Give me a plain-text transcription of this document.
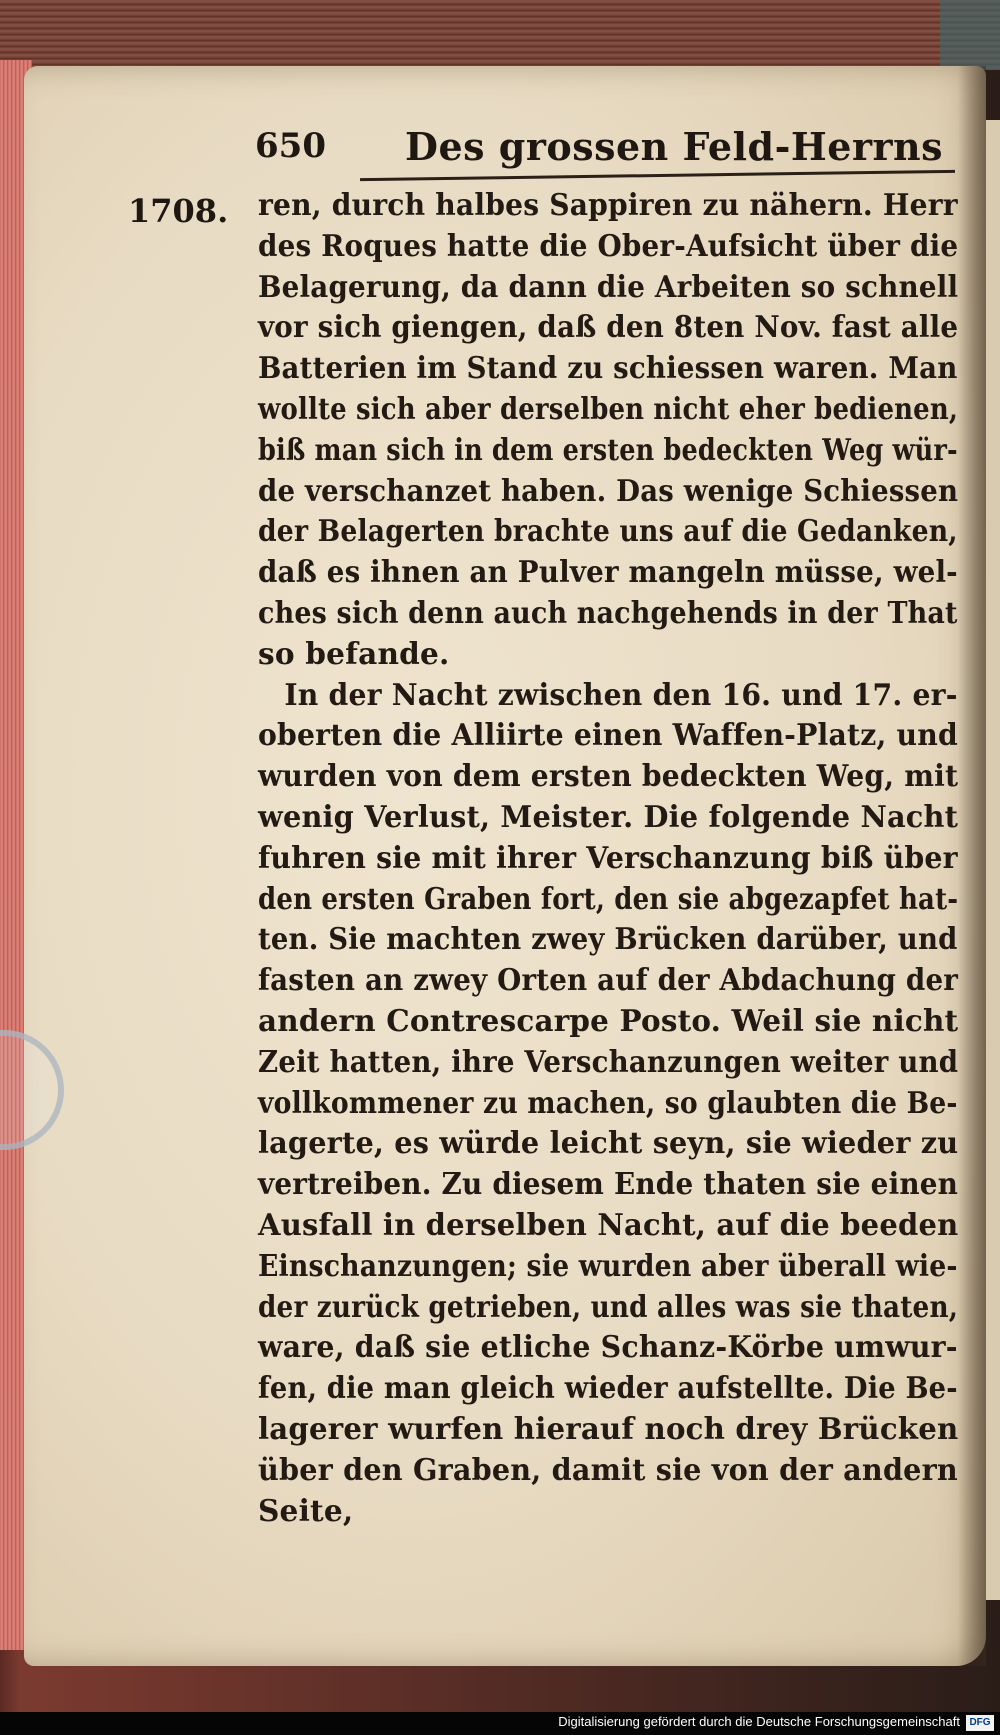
650 Des grossen Feld-Herrns
1708. ren, durch halbes Sappiren zu nähern. Herr
des Roques hatte die Ober-Aufsicht über die
Belagerung, da dann die Arbeiten so schnell
vor sich giengen, daß den 8ten Nov. fast alle
Batterien im Stand zu schiessen waren. Man
wollte sich aber derselben nicht eher bedienen,
biß man sich in dem ersten bedeckten Weg wür-
de verschanzet haben. Das wenige Schiessen
der Belagerten brachte uns auf die Gedanken,
daß es ihnen an Pulver mangeln müsse, wel-
ches sich denn auch nachgehends in der That
so befande.
In der Nacht zwischen den 16. und 17. er-
oberten die Alliirte einen Waffen-Platz, und
wurden von dem ersten bedeckten Weg, mit
wenig Verlust, Meister. Die folgende Nacht
fuhren sie mit ihrer Verschanzung biß über
den ersten Graben fort, den sie abgezapfet hat-
ten. Sie machten zwey Brücken darüber, und
fasten an zwey Orten auf der Abdachung der
andern Contrescarpe Posto. Weil sie nicht
Zeit hatten, ihre Verschanzungen weiter und
vollkommener zu machen, so glaubten die Be-
lagerte, es würde leicht seyn, sie wieder zu
vertreiben. Zu diesem Ende thaten sie einen
Ausfall in derselben Nacht, auf die beeden
Einschanzungen; sie wurden aber überall wie-
der zurück getrieben, und alles was sie thaten,
ware, daß sie etliche Schanz-Körbe umwur-
fen, die man gleich wieder aufstellte. Die Be-
lagerer wurfen hierauf noch drey Brücken
über den Graben, damit sie von der andern
Seite,
Digitalisierung gefördert durch die Deutsche Forschungsgemeinschaft DFG
